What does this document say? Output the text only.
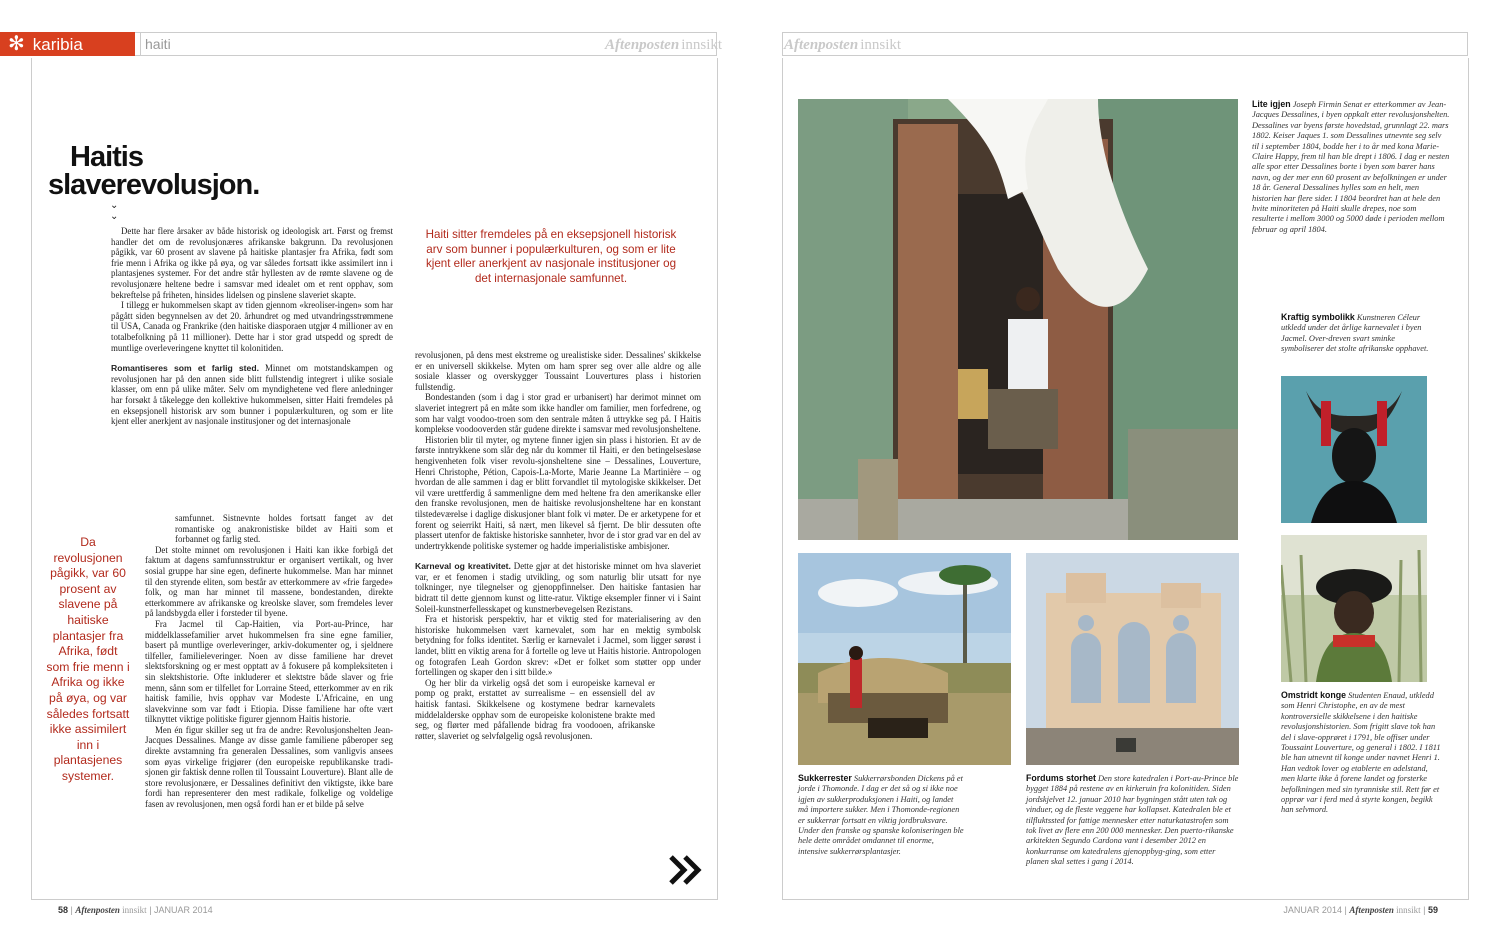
✻ karibia	haiti	Aftenposten innsikt	Aftenposten innsikt
Haitis
slaverevolusjon.
⌄
⌄

Dette har flere årsaker av både historisk og ideologisk art. Først og fremst handler det om de revolusjonæres afrikanske bakgrunn. Da revolusjonen pågikk, var 60 prosent av slavene på haitiske plantasjer fra Afrika, født som frie menn i Afrika og ikke på øya, og var således fortsatt ikke assimilert inn i plantasjenes systemer. For det andre står hyllesten av de rømte slavene og de revolusjonære heltene bedre i samsvar med idealet om et rent opphav, som bekreftelse på friheten, hinsides lidelsen og pinslene slaveriet skapte.

I tillegg er hukommelsen skapt av tiden gjennom «kreoliser-ingen» som har pågått siden begynnelsen av det 20. århundret og med utvandringsstrømmene til USA, Canada og Frankrike (den haitiske diasporaen utgjør 4 millioner av en totalbefolkning på 11 millioner). Dette har i stor grad utspedd og spredt de muntlige overleveringene knyttet til kolonitiden.

Romantiseres som et farlig sted. Minnet om motstandskampen og revolusjonen har på den annen side blitt fullstendig integrert i ulike sosiale klasser, om enn på ulike måter. Selv om myndighetene ved flere anledninger har forsøkt å tåkelegge den kollektive hukommelsen, sitter Haiti fremdeles på en eksepsjonell historisk arv som bunner i populærkulturen, og som er lite kjent eller anerkjent av nasjonale institusjoner og det internasjonale

samfunnet. Sistnevnte holdes fortsatt fanget av det romantiske og anakronistiske bildet av Haiti som et forbannet og farlig sted.

Det stolte minnet om revolusjonen i Haiti kan ikke forbigå det faktum at dagens samfunnsstruktur er organisert vertikalt, og hver sosial gruppe har sine egen, definerte hukommelse. Man har minnet til den styrende eliten, som består av etterkommere av «frie fargede» folk, og man har minnet til massene, bondestanden, direkte etterkommere av afrikanske og kreolske slaver, som fremdeles lever på landsbygda eller i forsteder til byene.

Fra Jacmel til Cap-Haitien, via Port-au-Prince, har middelklassefamilier arvet hukommelsen fra sine egne familier, basert på muntlige overleveringer, arkiv-dokumenter og, i sjeldnere tilfeller, familieleveringer. Noen av disse familiene har drevet slektsforskning og er mest opptatt av å fokusere på kompleksiteten i sin slektshistorie. Ofte inkluderer et slektstre både slaver og frie menn, sånn som er tilfellet for Lorraine Steed, etterkommer av en rik haitisk familie, hvis opphav var Modeste L'Africaine, en ung slavekvinne som var født i Etiopia. Disse familiene har ofte vært tilknyttet viktige politiske figurer gjennom Haitis historie.

Men én figur skiller seg ut fra de andre: Revolusjonshelten Jean-Jacques Dessalines. Mange av disse gamle familiene påberoper seg direkte avstamning fra generalen Dessalines, som vanligvis ansees som øyas virkelige frigjører (den europeiske republikanske tradi-sjonen gir faktisk denne rollen til Toussaint Louverture). Blant alle de store revolusjonære, er Dessalines definitivt den viktigste, ikke bare fordi han representerer den mest radikale, folkelige og voldelige fasen av revolusjonen, men også fordi han er et bilde på selve

Haiti sitter fremdeles på en eksepsjonell historisk arv som bunner i populærkulturen, og som er lite kjent eller anerkjent av nasjonale institusjoner og det internasjonale samfunnet.
Da revolusjonen pågikk, var 60 prosent av slavene på haitiske plantasjer fra Afrika, født som frie menn i Afrika og ikke på øya, og var således fortsatt ikke assimilert inn i plantasjenes systemer.

revolusjonen, på dens mest ekstreme og urealistiske sider. Dessalines' skikkelse er en universell skikkelse. Myten om ham sprer seg over alle aldre og alle sosiale klasser og overskygger Toussaint Louvertures plass i historien fullstendig.

Bondestanden (som i dag i stor grad er urbanisert) har derimot minnet om slaveriet integrert på en måte som ikke handler om familier, men forfedrene, og som har valgt voodoo-troen som den sentrale måten å uttrykke seg på. I Haitis komplekse voodooverden står gudene direkte i samsvar med revolusjonsheltene.

Historien blir til myter, og mytene finner igjen sin plass i historien. Et av de første inntrykkene som slår deg når du kommer til Haiti, er den betingelsesløse hengivenheten folk viser revolu-sjonsheltene sine – Dessalines, Louverture, Henri Christophe, Pétion, Capois-La-Morte, Marie Jeanne La Martinière – og hvordan de alle sammen i dag er blitt forvandlet til mytologiske skikkelser. Det vil være urettferdig å sammenligne dem med heltene fra den amerikanske eller den franske revolusjonen, men de haitiske revolusjonsheltene har en konstant tilstedeværelse i daglige diskusjoner blant folk vi møter. De er arketypene for et forent og seierrikt Haiti, så nært, men likevel så fjernt. De blir dessuten ofte plassert utenfor de faktiske historiske sannheter, hvor de i stor grad var en del av undertrykkende politiske systemer og hadde imperialistiske ambisjoner.

Karneval og kreativitet. Dette gjør at det historiske minnet om hva slaveriet var, er et fenomen i stadig utvikling, og som naturlig blir utsatt for nye tolkninger, nye tilegnelser og gjenoppfinnelser. Den haitiske fantasien har bidratt til dette gjennom kunst og litte-ratur. Viktige eksempler finner vi i Saint Soleil-kunstnerfellesskapet og kunstnerbevegelsen Rezistans.

Fra et historisk perspektiv, har et viktig sted for materialisering av den historiske hukommelsen vært karnevalet, som har en mektig symbolsk betydning for folks identitet. Særlig er karnevalet i Jacmel, som ligger sørøst i landet, blitt en viktig arena for å fortelle og leve ut Haitis historie. Antropologen og fotografen Leah Gordon skrev: «Det er folket som støtter opp under fortellingen og skaper den i sitt bilde.»

Og her blir da virkelig også det som i europeiske karneval er pomp og prakt, erstattet av surrealisme – en essensiell del av haitisk fantasi. Skikkelsene og kostymene bedrar karnevalets middelalderske opphav som de europeiske kolonistene brakte med seg, og flørter med påfallende bidrag fra voodooen, afrikanske røtter, slaveriet og selvfølgelig også revolusjonen.

Lite igjen Joseph Firmin Senat er etterkommer av Jean-Jacques Dessalines, i byen oppkalt etter revolusjonshelten. Dessalines var byens første hovedstad, grunnlagt 22. mars 1802. Keiser Jaques 1. som Dessalines utnevnte seg selv til i september 1804, bodde her i to år med kona Marie-Claire Happy, frem til han ble drept i 1806. I dag er nesten alle spor etter Dessalines borte i byen som bærer hans navn, og der mer enn 60 prosent av befolkningen er under 18 år. General Dessalines hylles som en helt, men historien har flere sider. I 1804 beordret han at hele den hvite minoriteten på Haiti skulle drepes, noe som resulterte i mellom 3000 og 5000 døde i perioden mellom februar og april 1804.
Kraftig symbolikk Kunstneren Céleur utkledd under det årlige karnevalet i byen Jacmel. Over-dreven svart sminke symboliserer det stolte afrikanske opphavet.
Omstridt konge Studenten Enaud, utkledd som Henri Christophe, en av de mest kontroversielle skikkelsene i den haitiske revolusjonshistorien. Som frigitt slave tok han del i slave-opprøret i 1791, ble offiser under Toussaint Louverture, og general i 1802. I 1811 ble han utnevnt til konge under navnet Henri 1. Han vedtok lover og etablerte en adelstand, men klarte ikke å forene landet og forsterke befolkningen med sin tyranniske stil. Rett før et opprør var i ferd med å styrte kongen, begikk han selvmord.
Sukkerrester Sukkerrørsbonden Dickens på et jorde i Thomonde. I dag er det så og si ikke noe igjen av sukkerproduksjonen i Haiti, og landet må importere sukker. Men i Thomonde-regionen er sukkerrør fortsatt en viktig jordbruksvare. Under den franske og spanske koloniseringen ble hele dette området omdannet til enorme, intensive sukkerrørsplantasjer.
Fordums storhet Den store katedralen i Port-au-Prince ble bygget 1884 på restene av en kirkeruin fra kolonitiden. Siden jordskjelvet 12. januar 2010 har bygningen stått uten tak og vinduer, og de fleste veggene har kollapset. Katedralen ble et tilfluktssted for fattige mennesker etter naturkatastrofen som tok livet av flere enn 200 000 mennesker. Den puerto-rikanske arkitekten Segundo Cardona vant i desember 2012 en konkurranse om katedralens gjenoppbyg-ging, som etter planen skal settes i gang i 2014.
58 | Aftenposten innsikt | JANUAR 2014	JANUAR 2014 | Aftenposten innsikt | 59
